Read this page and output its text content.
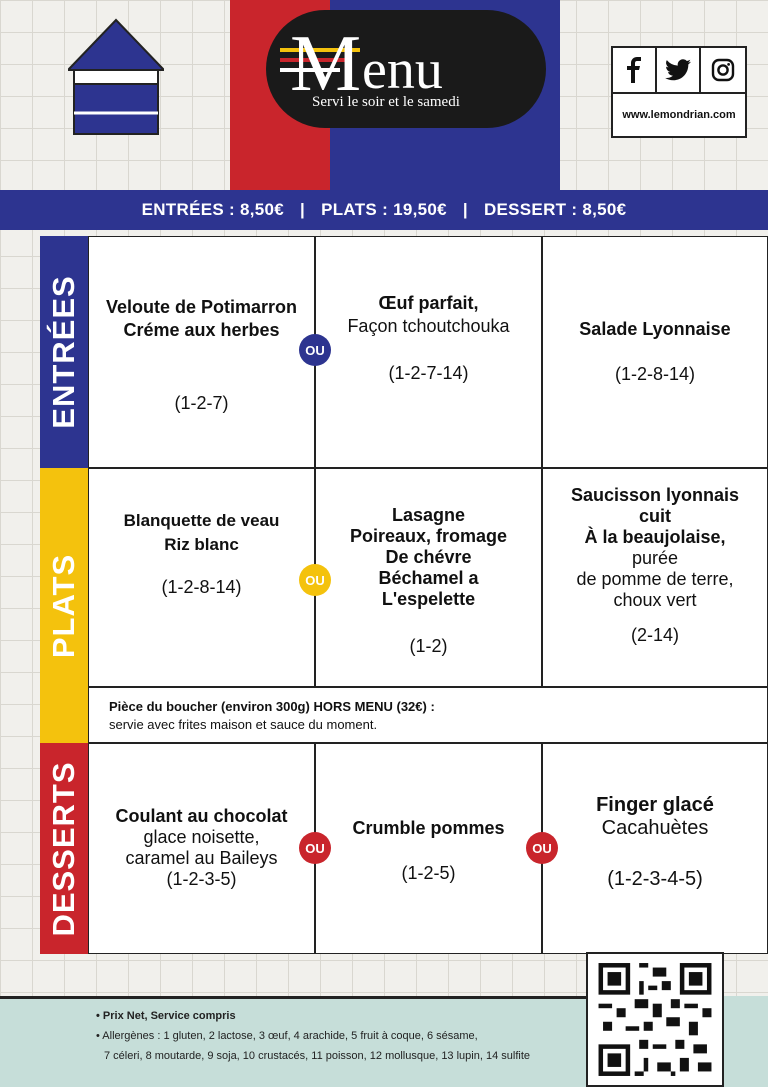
M enu
Servi le soir et le samedi
www.lemondrian.com
ENTRÉES : 8,50€ | PLATS : 19,50€ | DESSERT : 8,50€
ENTRÉES
PLATS
DESSERTS
Veloute de Potimarron
Créme aux herbes
(1-2-7)
Œuf parfait,
Façon tchoutchouka
(1-2-7-14)
Salade Lyonnaise
(1-2-8-14)
Blanquette de veau
Riz blanc
(1-2-8-14)
Lasagne
Poireaux, fromage
De chévre
Béchamel a
L'espelette
(1-2)
Saucisson lyonnais
cuit
À la beaujolaise,
purée
de pomme de terre,
choux vert
(2-14)
Pièce du boucher (environ 300g) HORS MENU (32€) :
servie avec frites maison et sauce du moment.
Coulant au chocolat
glace noisette,
caramel au Baileys
(1-2-3-5)
Crumble pommes
(1-2-5)
Finger glacé
Cacahuètes
(1-2-3-4-5)
OU
OU
OU	OU
• Prix Net, Service compris
• Allergènes : 1 gluten, 2 lactose, 3 œuf, 4 arachide, 5 fruit à coque, 6 sésame,
7 céleri, 8 moutarde, 9 soja, 10 crustacés, 11 poisson, 12 mollusque, 13 lupin, 14 sulfite
